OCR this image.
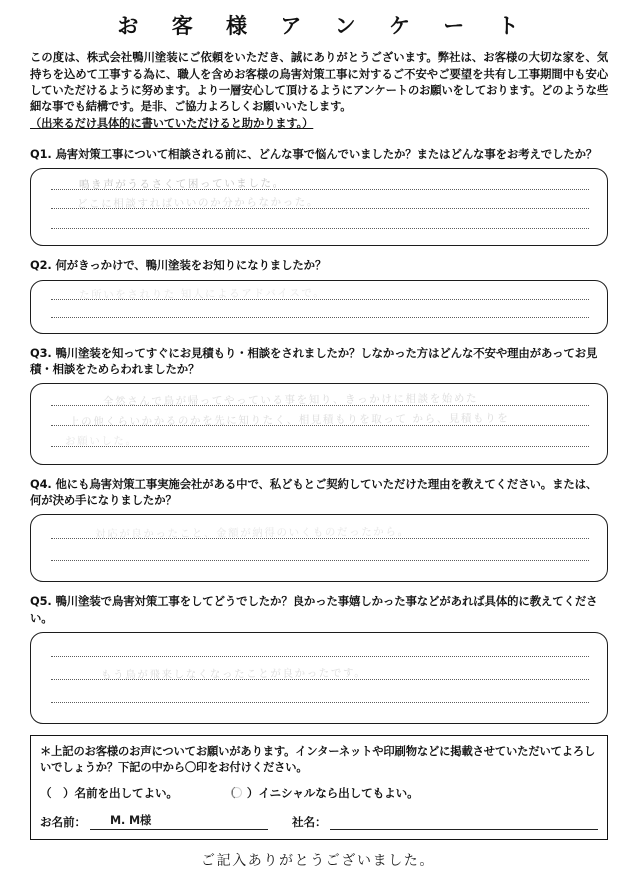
お 客 様 ア ン ケ ー ト
この度は、株式会社鴨川塗装にご依頼をいただき、誠にありがとうございます。弊社は、お客様の大切な家を、気持ちを込めて工事する為に、職人を含めお客様の烏害対策工事に対するご不安やご要望を共有し工事期間中も安心していただけるように努めます。より一層安心して頂けるようにアンケートのお願いをしております。どのような些細な事でも結構です。是非、ご協力よろしくお願いいたします。
（出来るだけ具体的に書いていただけると助かります。）
Q1. 烏害対策工事について相談される前に、どんな事で悩んでいましたか？またはどんな事をお考えでしたか？
鳴き声がうるさくて困っていました。
どこに相談すればいいのか分からなかった。
Q2. 何がきっかけで、鴨川塗装をお知りになりましたか？
た所いをされりた 知人によるアドバイスで。
Q3. 鴨川塗装を知ってすぐにお見積もり・相談をされましたか？しなかった方はどんな不安や理由があってお見積・相談をためらわれましたか？
全然さんで鳥が帰ってやっている事を知り、きっかけに相談を始めた
上の他くらいかかるのかを先に知りたく、相見積もりを取って から、見積もりを
お願いした。
Q4. 他にも烏害対策工事実施会社がある中で、私どもとご契約していただけた理由を教えてください。または、何が決め手になりましたか？
対応が良かったこと、金額が納得のいくものだったから。
Q5. 鴨川塗装で烏害対策工事をしてどうでしたか？良かった事嬉しかった事などがあれば具体的に教えてください。
もう鳥が飛来しなくなったことが良かったです。
＊上記のお客様のお声についてお願いがあります。インターネットや印刷物などに掲載させていただいてよろしいでしょうか？下記の中から〇印をお付けください。
（　）名前を出してよい。	（　）イニシャルなら出してもよい。
お名前： M. M様	社名：
ご記入ありがとうございました。
